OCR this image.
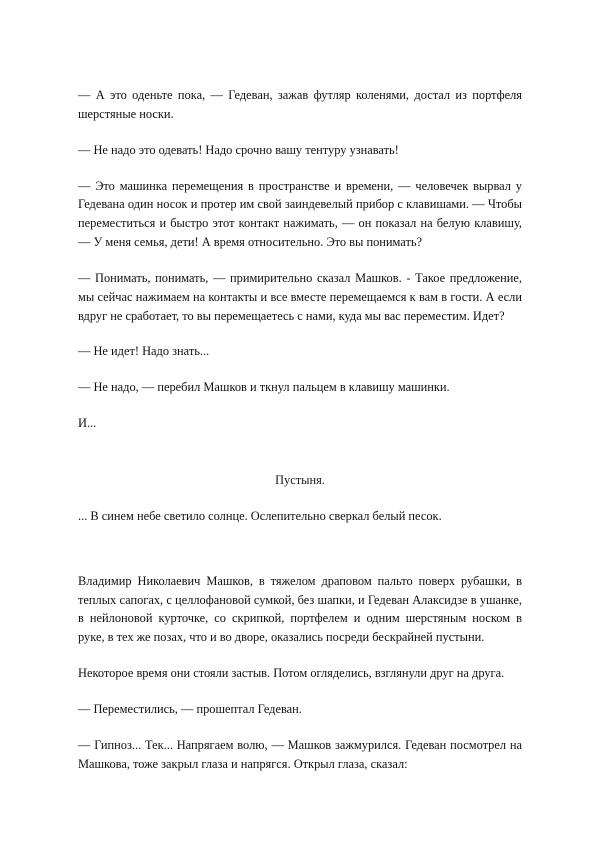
— А это оденьте пока, — Гедеван, зажав футляр коленями, достал из портфеля шерстяные носки.

— Не надо это одевать! Надо срочно вашу тентуру узнавать!

— Это машинка перемещения в пространстве и времени, — человечек вырвал у Гедевана один носок и протер им свой заиндевелый прибор с клавишами. — Чтобы переместиться и быстро этот контакт нажимать, — он показал на белую клавишу, — У меня семья, дети! А время относительно. Это вы понимать?

— Понимать, понимать, — примирительно сказал Машков. - Такое предложение, мы сейчас нажимаем на контакты и все вместе перемещаемся к вам в гости. А если вдруг не сработает, то вы перемещаетесь с нами, куда мы вас переместим. Идет?

— Не идет! Надо знать...

— Не надо, — перебил Машков и ткнул пальцем в клавишу машинки.

И...

Пустыня.

... В синем небе светило солнце. Ослепительно сверкал белый песок.

Владимир Николаевич Машков, в тяжелом драповом пальто поверх рубашки, в теплых сапогах, с целлофановой сумкой, без шапки, и Гедеван Алаксидзе в ушанке, в нейлоновой курточке, со скрипкой, портфелем и одним шерстяным носком в руке, в тех же позах, что и во дворе, оказались посреди бескрайней пустыни.

Некоторое время они стояли застыв. Потом огляделись, взглянули друг на друга.

— Переместились, — прошептал Гедеван.

— Гипноз... Тек... Напрягаем волю, — Машков зажмурился. Гедеван посмотрел на Машкова, тоже закрыл глаза и напрягся. Открыл глаза, сказал:
